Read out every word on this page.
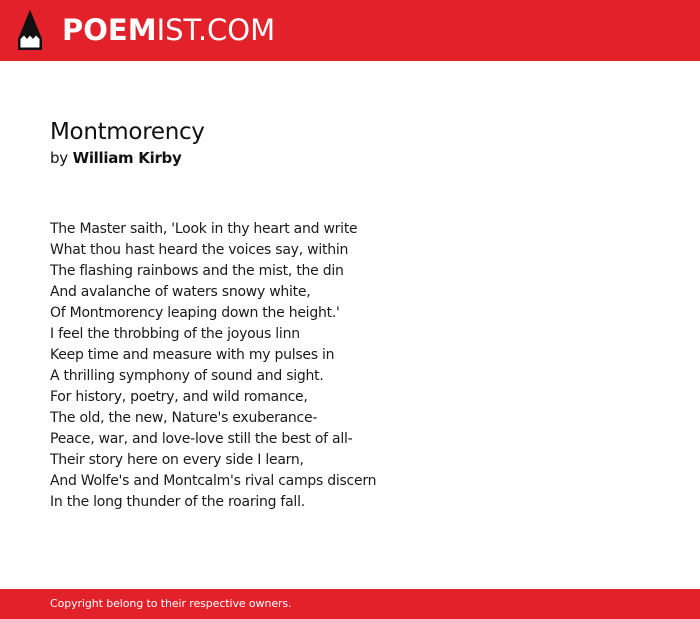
POEMIST.COM
Montmorency
by William Kirby
The Master saith, 'Look in thy heart and write
What thou hast heard the voices say, within
The flashing rainbows and the mist, the din
And avalanche of waters snowy white,
Of Montmorency leaping down the height.'
I feel the throbbing of the joyous linn
Keep time and measure with my pulses in
A thrilling symphony of sound and sight.
For history, poetry, and wild romance,
The old, the new, Nature's exuberance-
Peace, war, and love-love still the best of all-
Their story here on every side I learn,
And Wolfe's and Montcalm's rival camps discern
In the long thunder of the roaring fall.
Copyright belong to their respective owners.
